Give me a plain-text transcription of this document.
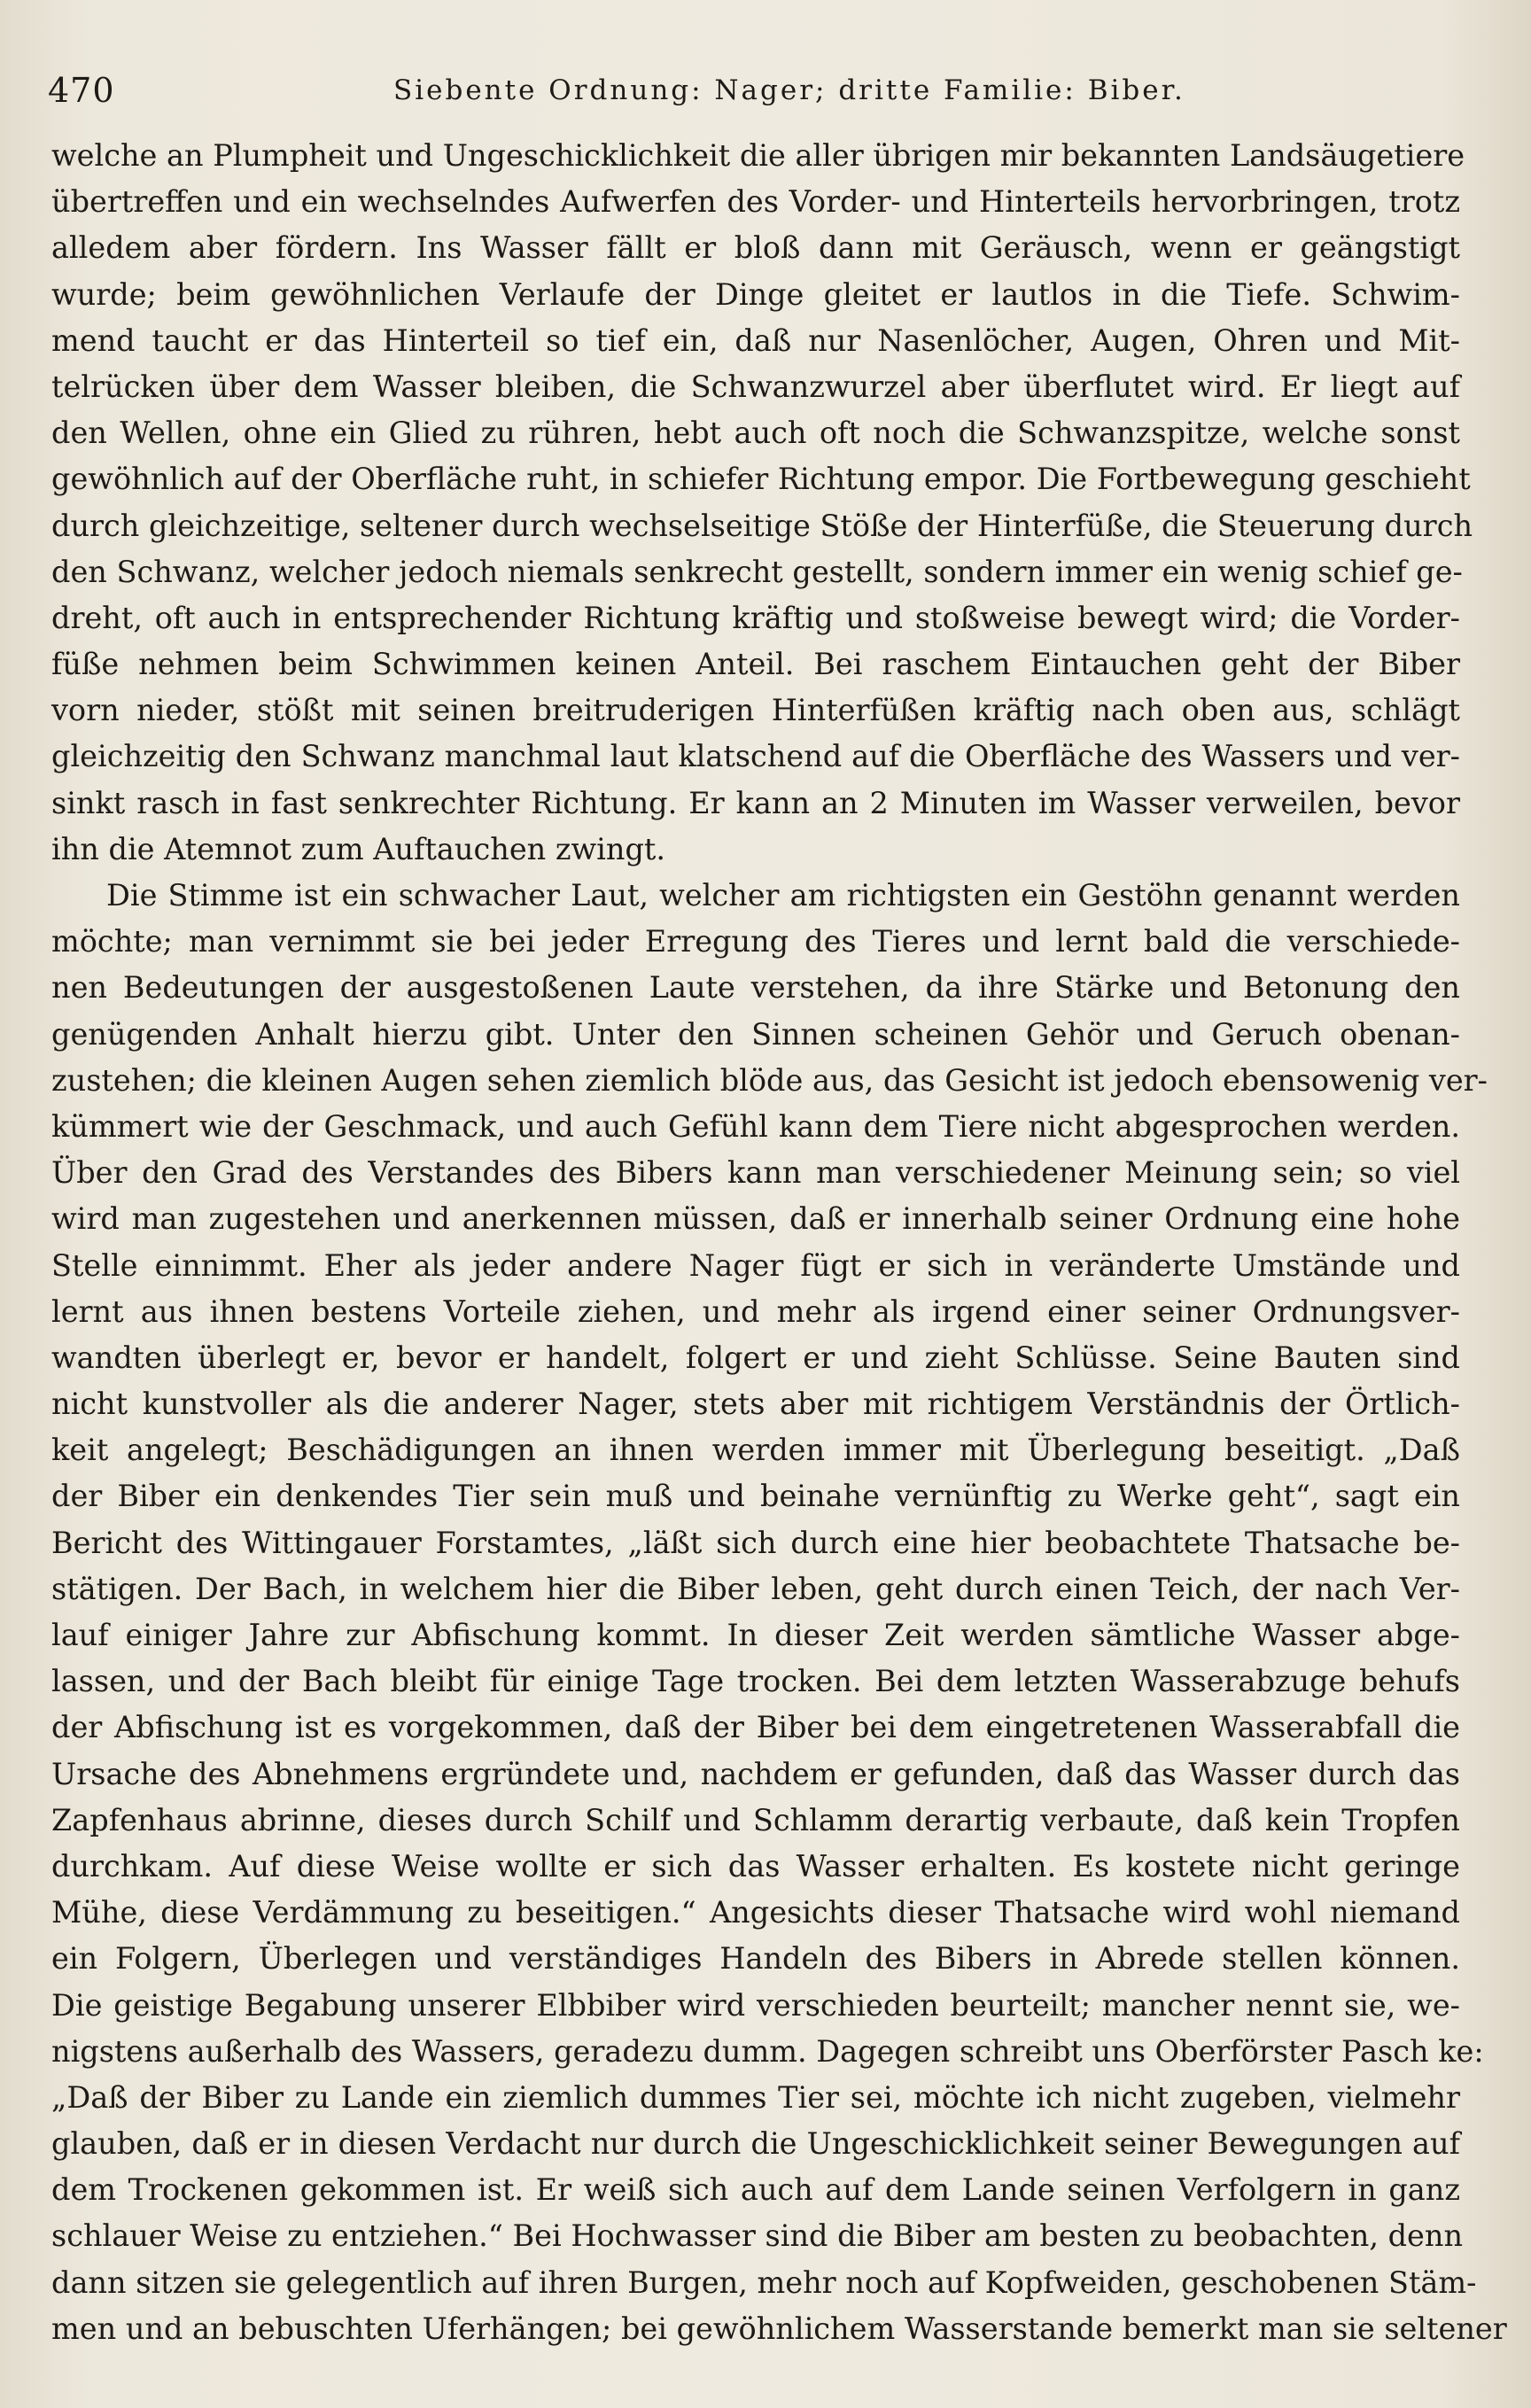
470	Siebente Ordnung: Nager; dritte Familie: Biber.
welche an Plumpheit und Ungeschicklichkeit die aller übrigen mir bekannten Landsäugetiere
übertreffen und ein wechselndes Aufwerfen des Vorder- und Hinterteils hervorbringen, trotz
alledem aber fördern. Ins Wasser fällt er bloß dann mit Geräusch, wenn er geängstigt
wurde; beim gewöhnlichen Verlaufe der Dinge gleitet er lautlos in die Tiefe. Schwim-
mend taucht er das Hinterteil so tief ein, daß nur Nasenlöcher, Augen, Ohren und Mit-
telrücken über dem Wasser bleiben, die Schwanzwurzel aber überflutet wird. Er liegt auf
den Wellen, ohne ein Glied zu rühren, hebt auch oft noch die Schwanzspitze, welche sonst
gewöhnlich auf der Oberfläche ruht, in schiefer Richtung empor. Die Fortbewegung geschieht
durch gleichzeitige, seltener durch wechselseitige Stöße der Hinterfüße, die Steuerung durch
den Schwanz, welcher jedoch niemals senkrecht gestellt, sondern immer ein wenig schief ge-
dreht, oft auch in entsprechender Richtung kräftig und stoßweise bewegt wird; die Vorder-
füße nehmen beim Schwimmen keinen Anteil. Bei raschem Eintauchen geht der Biber
vorn nieder, stößt mit seinen breitruderigen Hinterfüßen kräftig nach oben aus, schlägt
gleichzeitig den Schwanz manchmal laut klatschend auf die Oberfläche des Wassers und ver-
sinkt rasch in fast senkrechter Richtung. Er kann an 2 Minuten im Wasser verweilen, bevor
ihn die Atemnot zum Auftauchen zwingt.
Die Stimme ist ein schwacher Laut, welcher am richtigsten ein Gestöhn genannt werden
möchte; man vernimmt sie bei jeder Erregung des Tieres und lernt bald die verschiede-
nen Bedeutungen der ausgestoßenen Laute verstehen, da ihre Stärke und Betonung den
genügenden Anhalt hierzu gibt. Unter den Sinnen scheinen Gehör und Geruch obenan-
zustehen; die kleinen Augen sehen ziemlich blöde aus, das Gesicht ist jedoch ebensowenig ver-
kümmert wie der Geschmack, und auch Gefühl kann dem Tiere nicht abgesprochen werden.
Über den Grad des Verstandes des Bibers kann man verschiedener Meinung sein; so viel
wird man zugestehen und anerkennen müssen, daß er innerhalb seiner Ordnung eine hohe
Stelle einnimmt. Eher als jeder andere Nager fügt er sich in veränderte Umstände und
lernt aus ihnen bestens Vorteile ziehen, und mehr als irgend einer seiner Ordnungsver-
wandten überlegt er, bevor er handelt, folgert er und zieht Schlüsse. Seine Bauten sind
nicht kunstvoller als die anderer Nager, stets aber mit richtigem Verständnis der Örtlich-
keit angelegt; Beschädigungen an ihnen werden immer mit Überlegung beseitigt. „Daß
der Biber ein denkendes Tier sein muß und beinahe vernünftig zu Werke geht“, sagt ein
Bericht des Wittingauer Forstamtes, „läßt sich durch eine hier beobachtete Thatsache be-
stätigen. Der Bach, in welchem hier die Biber leben, geht durch einen Teich, der nach Ver-
lauf einiger Jahre zur Abfischung kommt. In dieser Zeit werden sämtliche Wasser abge-
lassen, und der Bach bleibt für einige Tage trocken. Bei dem letzten Wasserabzuge behufs
der Abfischung ist es vorgekommen, daß der Biber bei dem eingetretenen Wasserabfall die
Ursache des Abnehmens ergründete und, nachdem er gefunden, daß das Wasser durch das
Zapfenhaus abrinne, dieses durch Schilf und Schlamm derartig verbaute, daß kein Tropfen
durchkam. Auf diese Weise wollte er sich das Wasser erhalten. Es kostete nicht geringe
Mühe, diese Verdämmung zu beseitigen.“ Angesichts dieser Thatsache wird wohl niemand
ein Folgern, Überlegen und verständiges Handeln des Bibers in Abrede stellen können.
Die geistige Begabung unserer Elbbiber wird verschieden beurteilt; mancher nennt sie, we-
nigstens außerhalb des Wassers, geradezu dumm. Dagegen schreibt uns Oberförster Pasch ke:
„Daß der Biber zu Lande ein ziemlich dummes Tier sei, möchte ich nicht zugeben, vielmehr
glauben, daß er in diesen Verdacht nur durch die Ungeschicklichkeit seiner Bewegungen auf
dem Trockenen gekommen ist. Er weiß sich auch auf dem Lande seinen Verfolgern in ganz
schlauer Weise zu entziehen.“ Bei Hochwasser sind die Biber am besten zu beobachten, denn
dann sitzen sie gelegentlich auf ihren Burgen, mehr noch auf Kopfweiden, geschobenen Stäm-
men und an bebuschten Uferhängen; bei gewöhnlichem Wasserstande bemerkt man sie seltener
